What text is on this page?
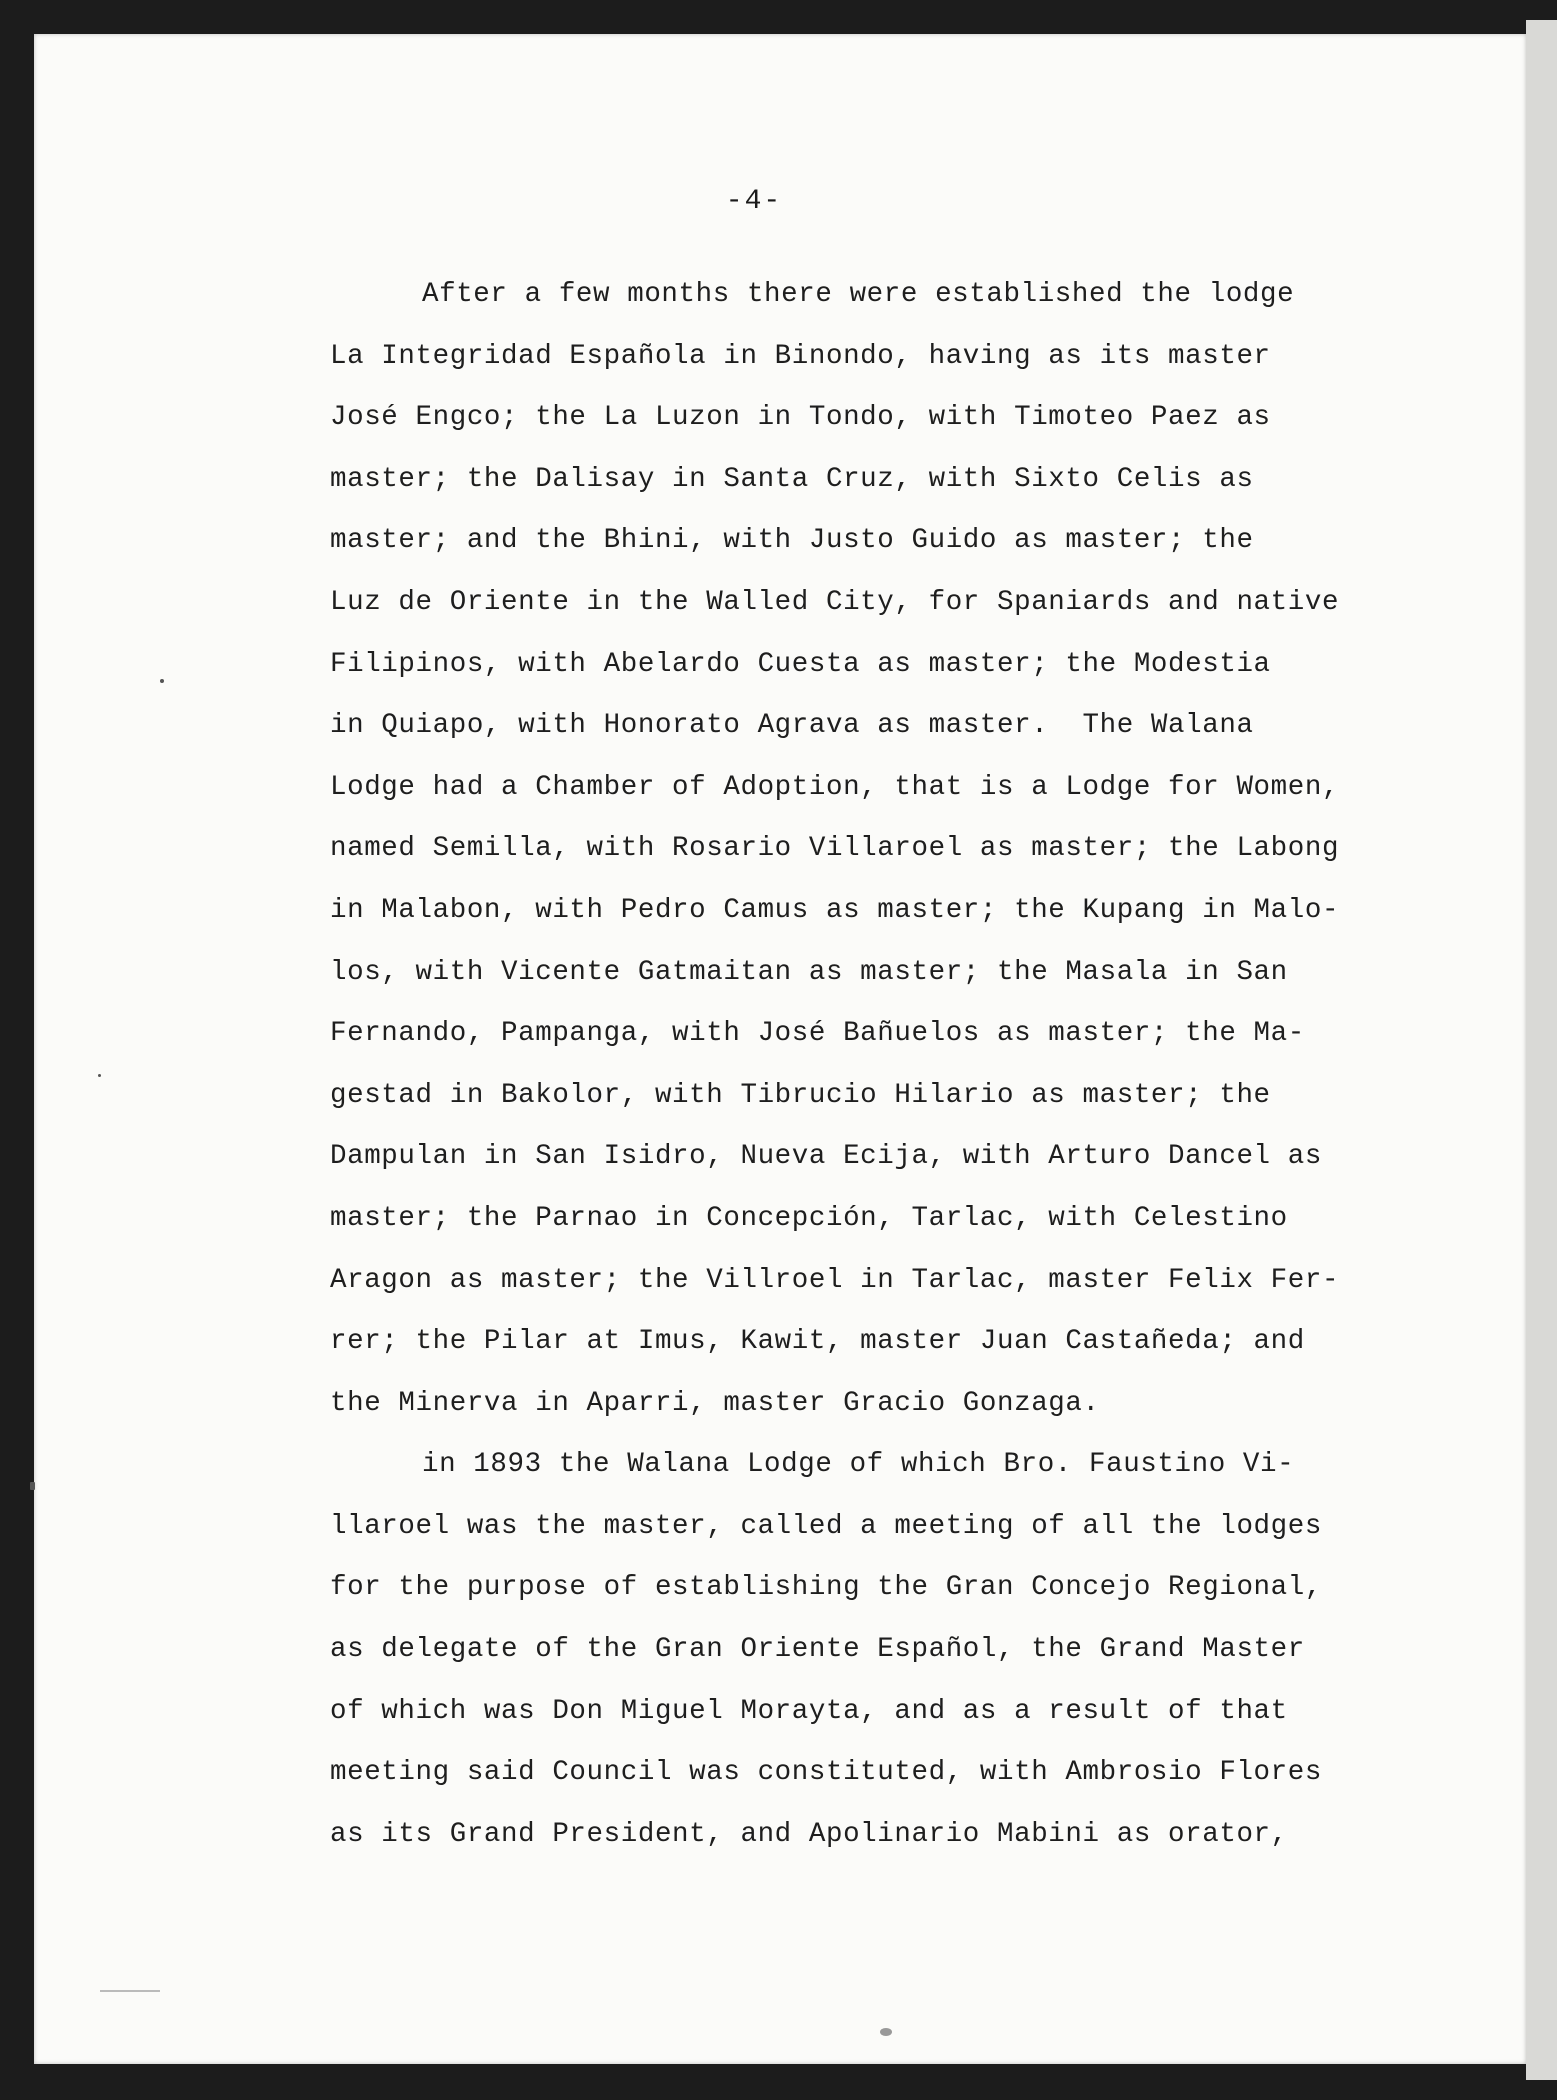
-4-
After a few months there were established the lodge
La Integridad Española in Binondo, having as its master
José Engco; the La Luzon in Tondo, with Timoteo Paez as
master; the Dalisay in Santa Cruz, with Sixto Celis as
master; and the Bhini, with Justo Guido as master; the
Luz de Oriente in the Walled City, for Spaniards and native
Filipinos, with Abelardo Cuesta as master; the Modestia
in Quiapo, with Honorato Agrava as master.  The Walana
Lodge had a Chamber of Adoption, that is a Lodge for Women,
named Semilla, with Rosario Villaroel as master; the Labong
in Malabon, with Pedro Camus as master; the Kupang in Malo-
los, with Vicente Gatmaitan as master; the Masala in San
Fernando, Pampanga, with José Bañuelos as master; the Ma-
gestad in Bakolor, with Tibrucio Hilario as master; the
Dampulan in San Isidro, Nueva Ecija, with Arturo Dancel as
master; the Parnao in Concepción, Tarlac, with Celestino
Aragon as master; the Villroel in Tarlac, master Felix Fer-
rer; the Pilar at Imus, Kawit, master Juan Castañeda; and
the Minerva in Aparri, master Gracio Gonzaga.
in 1893 the Walana Lodge of which Bro. Faustino Vi-
llaroel was the master, called a meeting of all the lodges
for the purpose of establishing the Gran Concejo Regional,
as delegate of the Gran Oriente Español, the Grand Master
of which was Don Miguel Morayta, and as a result of that
meeting said Council was constituted, with Ambrosio Flores
as its Grand President, and Apolinario Mabini as orator,
